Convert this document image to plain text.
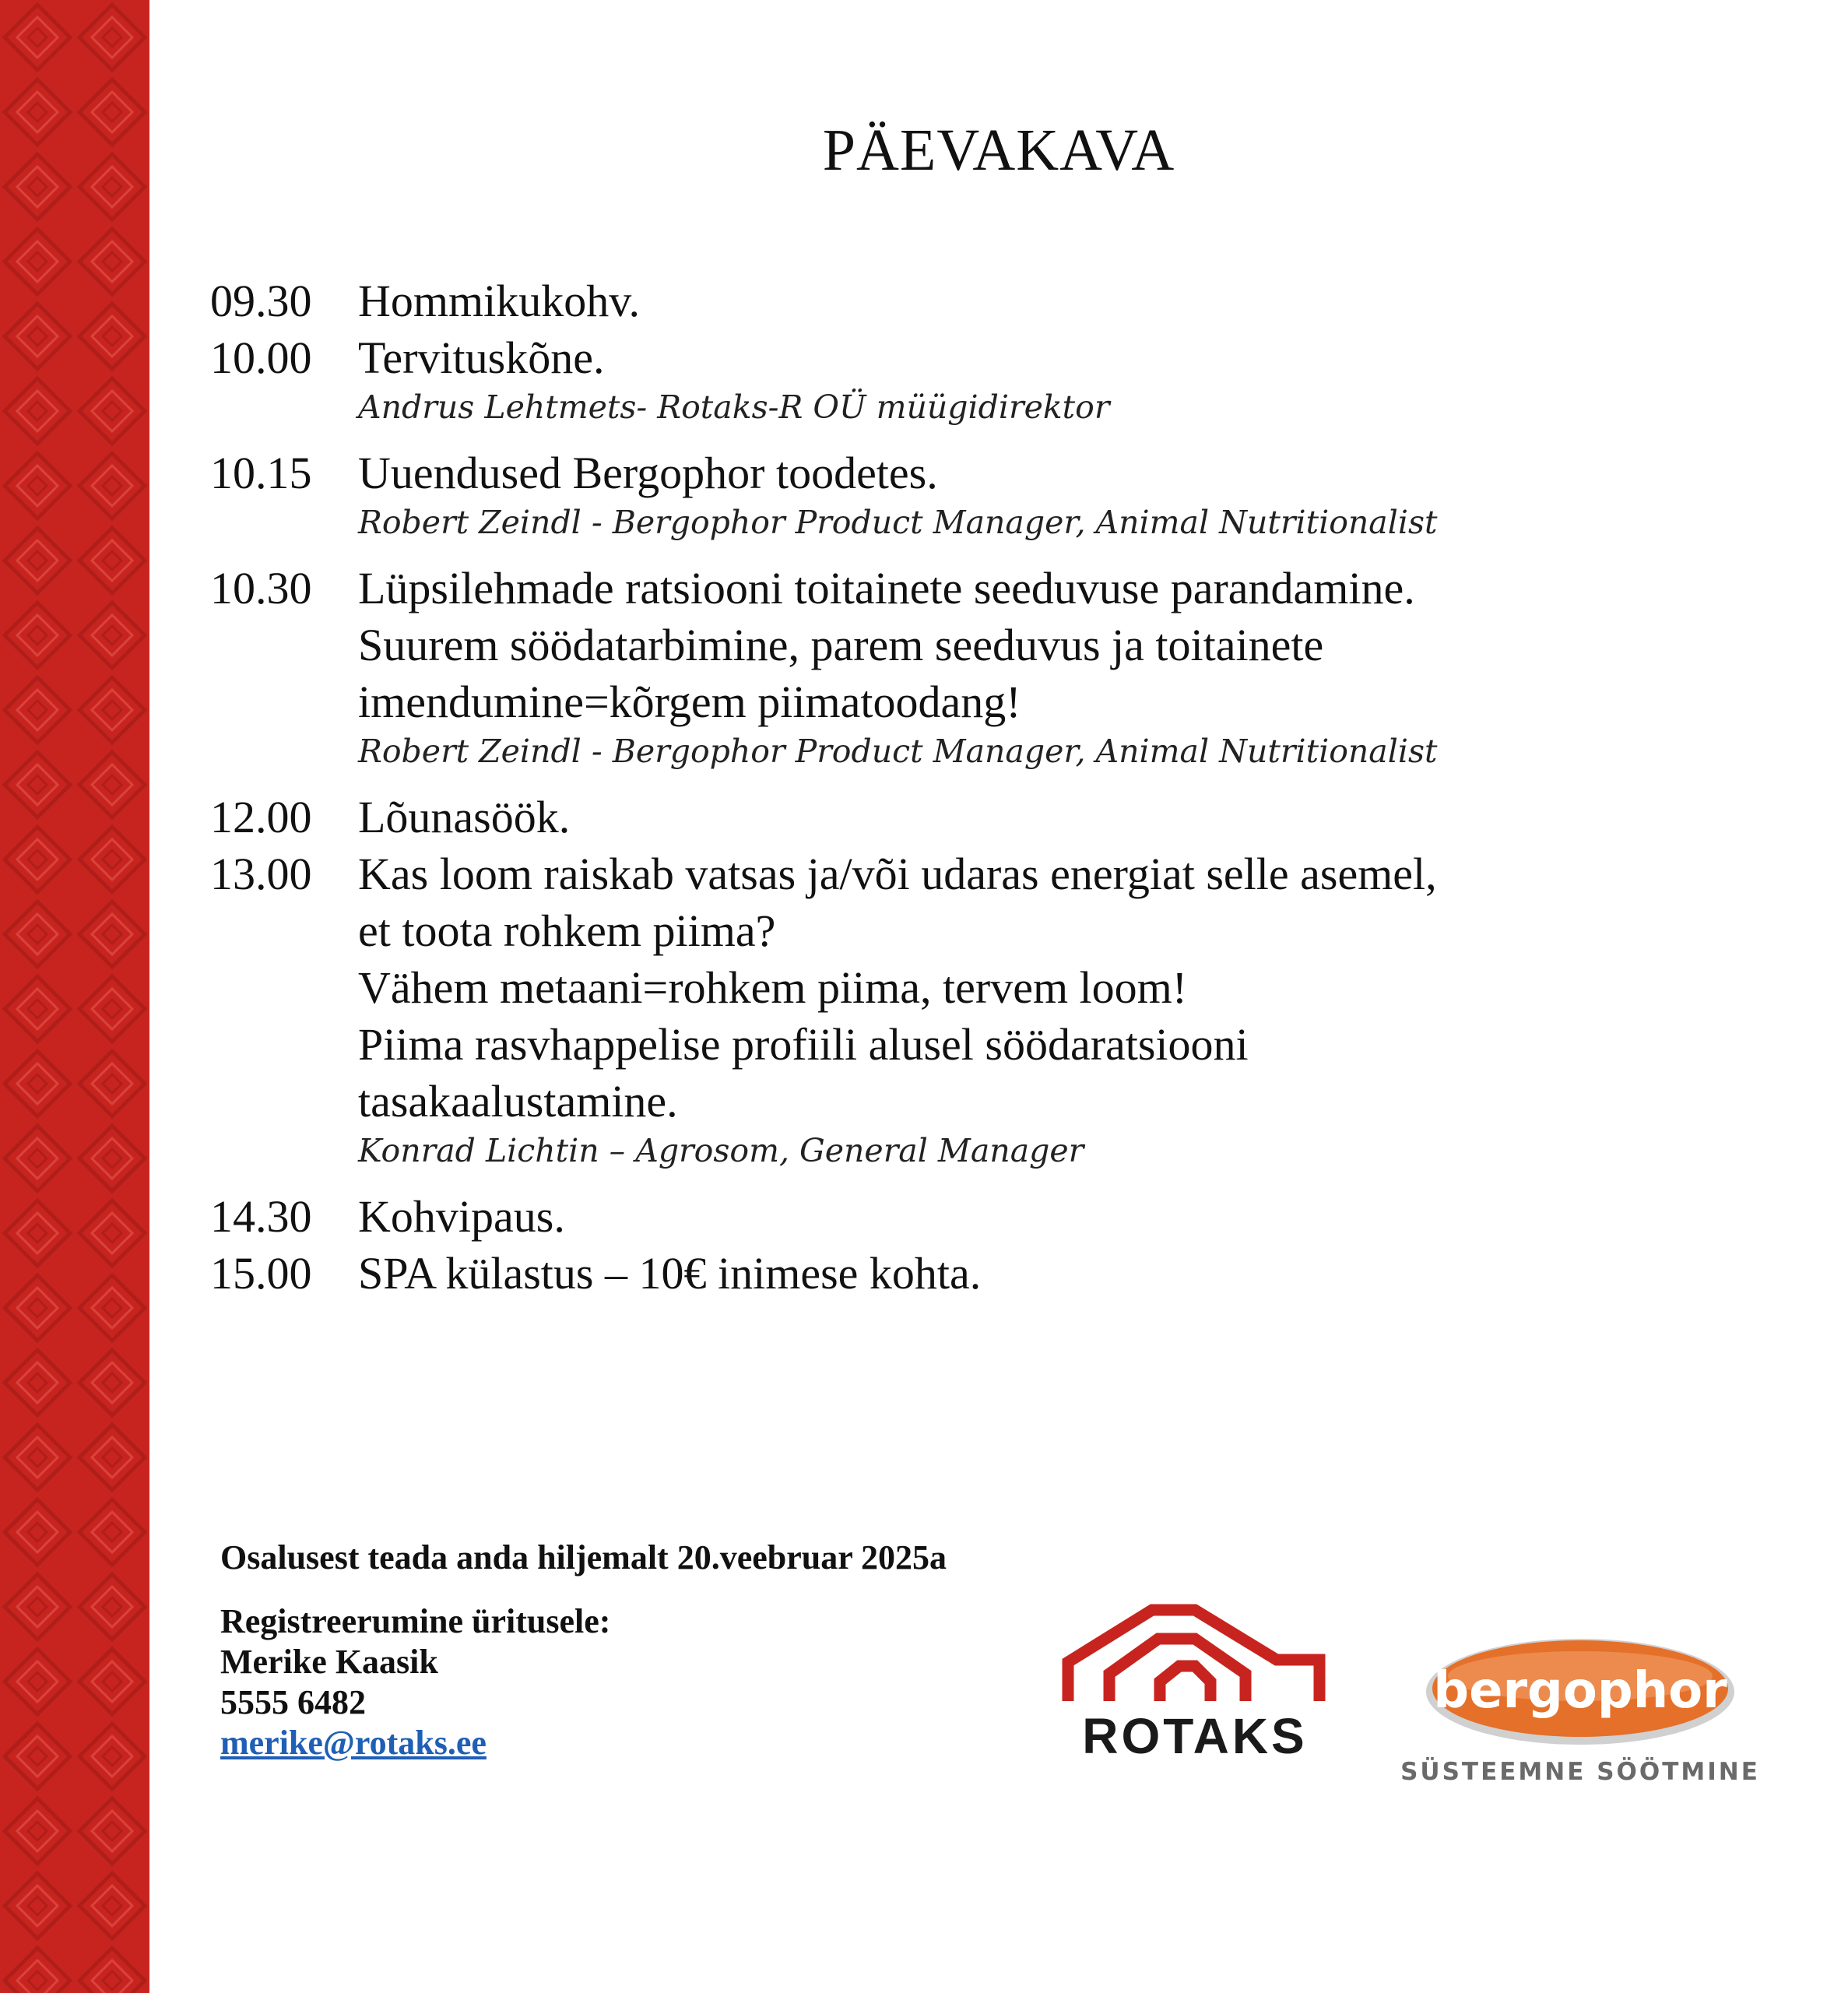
PÄEVAKAVA
09.30	Hommikukohv.
10.00	Tervituskõne.
Andrus Lehtmets- Rotaks-R OÜ müügidirektor
10.15	Uuendused Bergophor toodetes.
Robert Zeindl - Bergophor Product Manager, Animal Nutritionalist
10.30	Lüpsilehmade ratsiooni toitainete seeduvuse parandamine.
Suurem söödatarbimine, parem seeduvus ja toitainete
imendumine=kõrgem piimatoodang!
Robert Zeindl - Bergophor Product Manager, Animal Nutritionalist
12.00	Lõunasöök.
13.00	Kas loom raiskab vatsas ja/või udaras energiat selle asemel,
et toota rohkem piima?
Vähem metaani=rohkem piima, tervem loom!
Piima rasvhappelise profiili alusel söödaratsiooni
tasakaalustamine.
Konrad Lichtin – Agrosom, General Manager
14.30	Kohvipaus.
15.00	SPA külastus – 10€ inimese kohta.
Osalusest teada anda hiljemalt 20.veebruar 2025a
Registreerumine üritusele:
Merike Kaasik
5555 6482
merike@rotaks.ee	ROTAKS
bergophor
SÜSTEEMNE SÖÖTMINE
